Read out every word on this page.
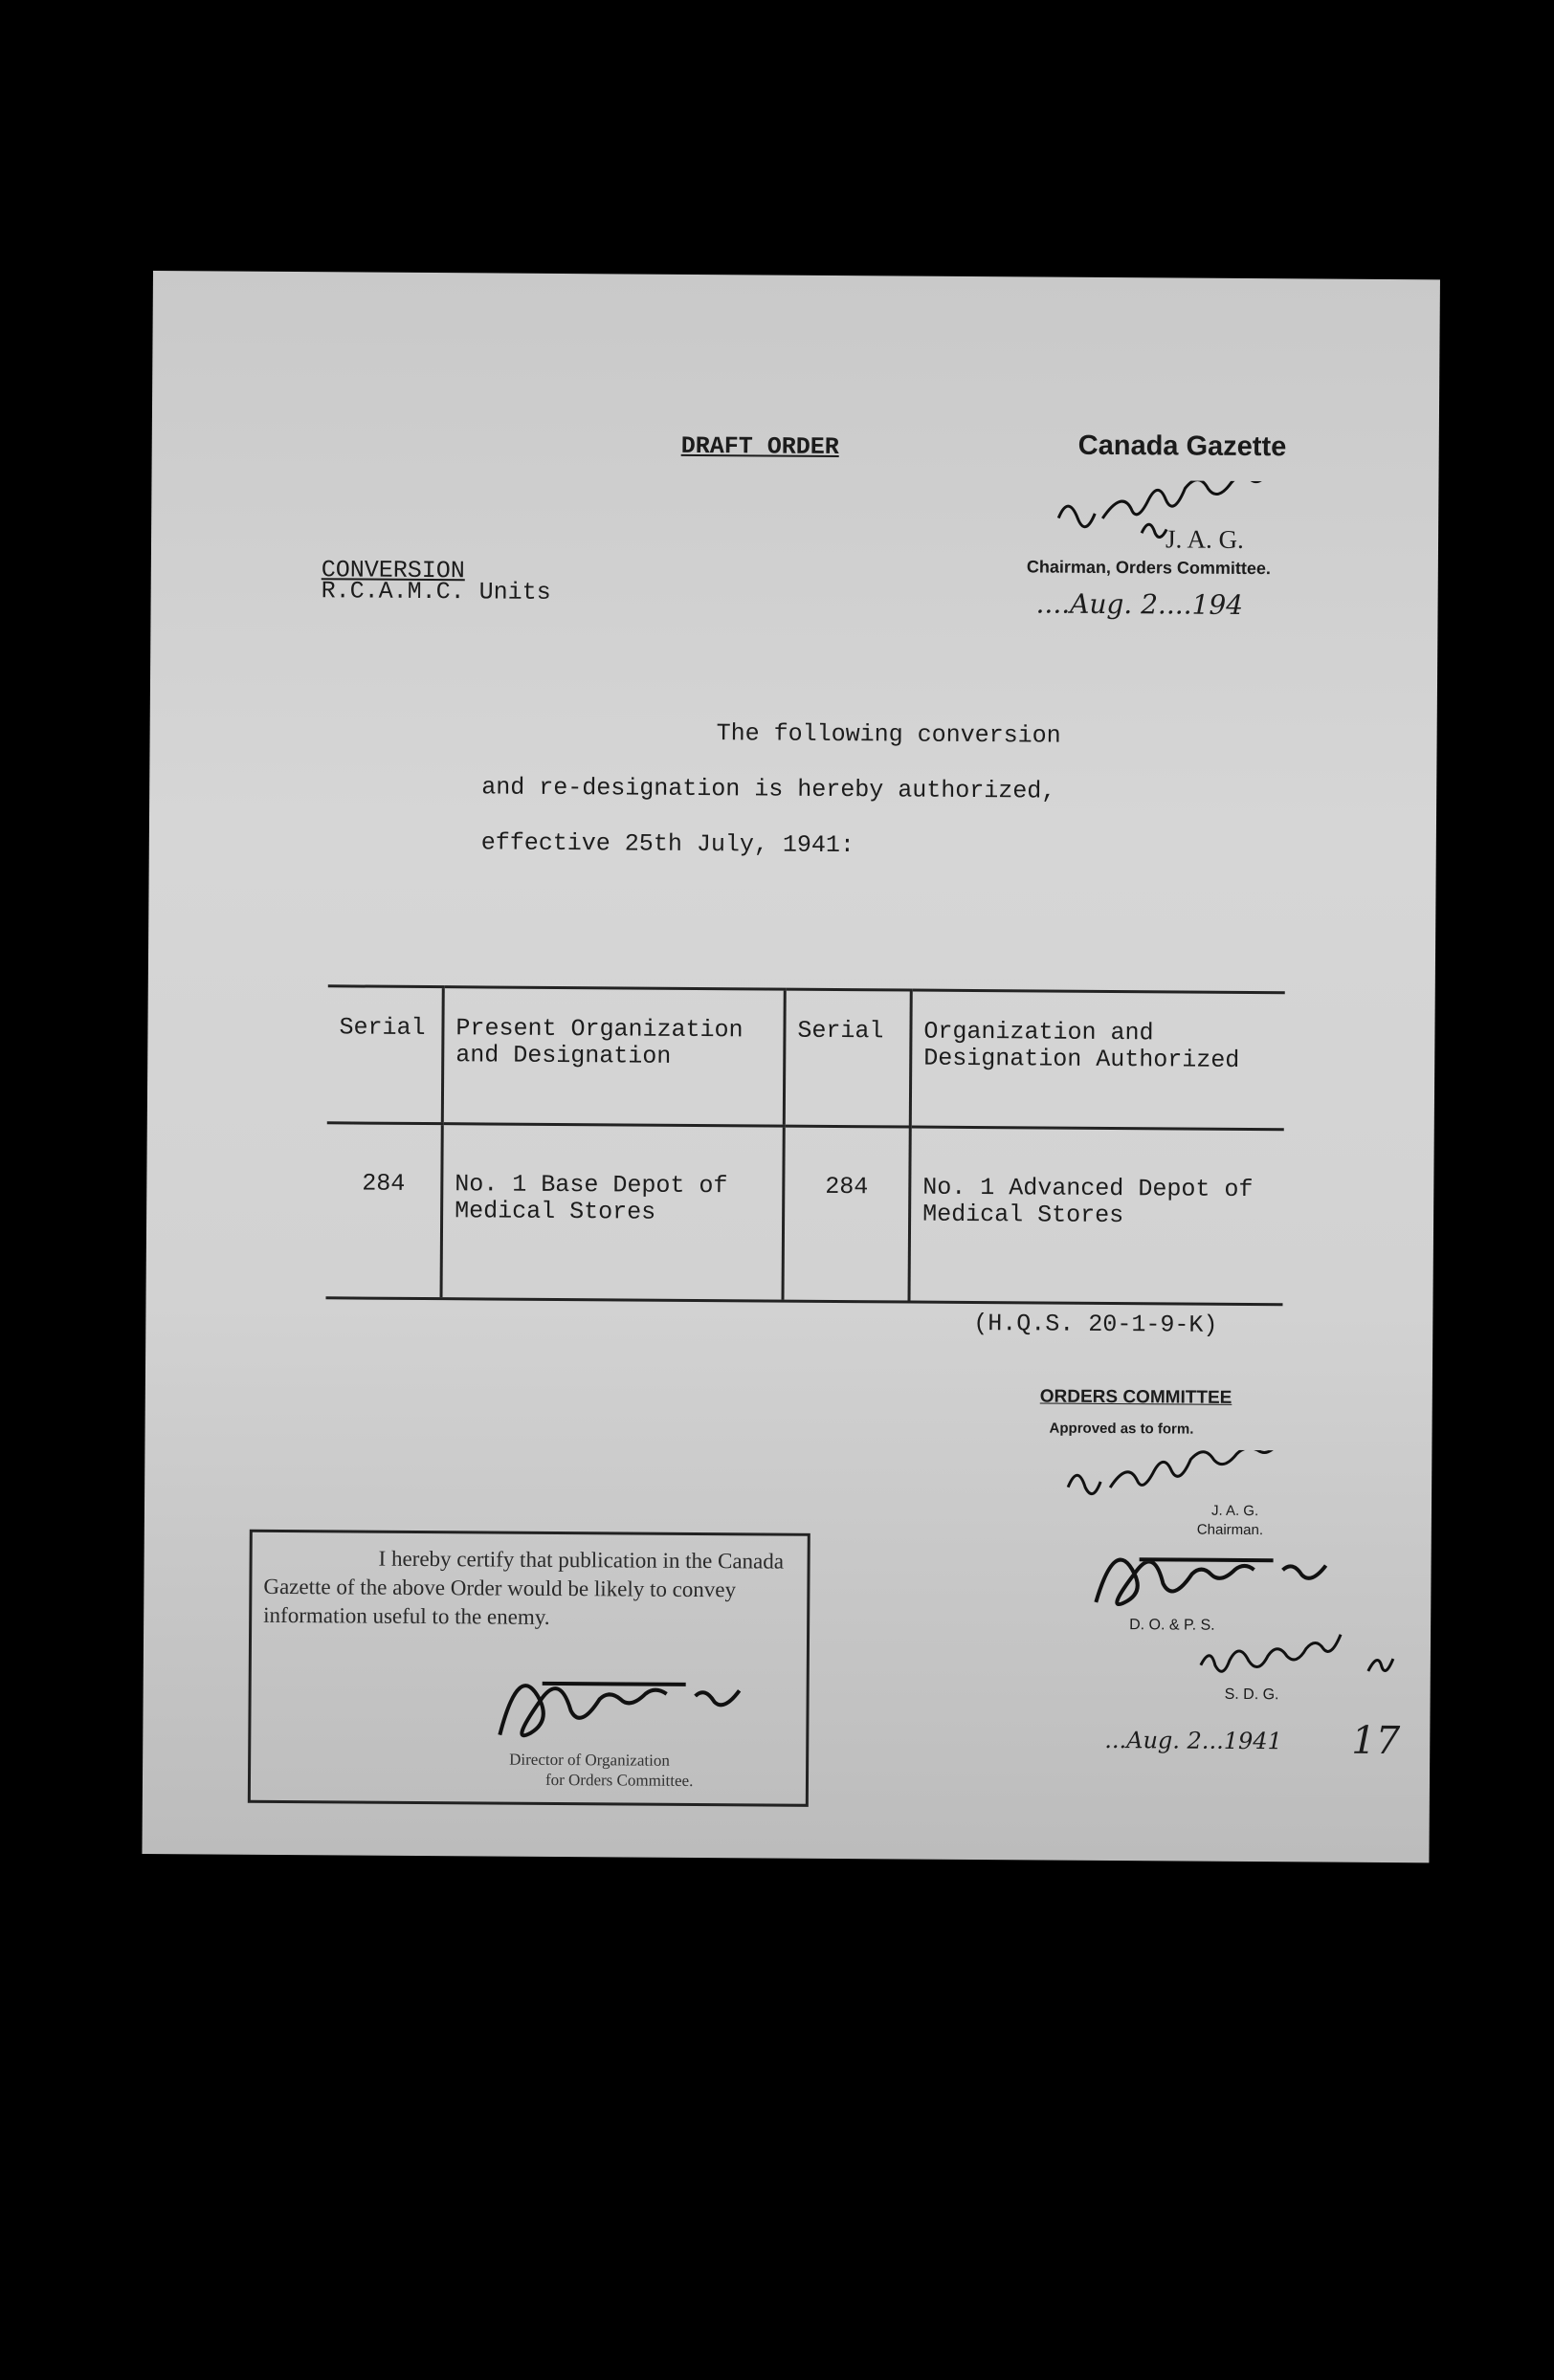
DRAFT ORDER	Canada Gazette
J. A. G.
Chairman, Orders Committee.
....Aug. 2....194
CONVERSION
R.C.A.M.C. Units
The following conversion
and re-designation is hereby authorized,
effective 25th July, 1941:
Serial	Present Organization and Designation	Serial	Organization and Designation Authorized
284	No. 1 Base Depot of Medical Stores	284	No. 1 Advanced Depot of Medical Stores
(H.Q.S. 20-1-9-K)
ORDERS COMMITTEE
Approved as to form.
J. A. G.
Chairman.
D. O. & P. S.
S. D. G.
...Aug. 2...1941 17
I hereby certify that publication in the Canada Gazette of the above Order would be likely to convey information useful to the enemy.
Director of Organization
for Orders Committee.
